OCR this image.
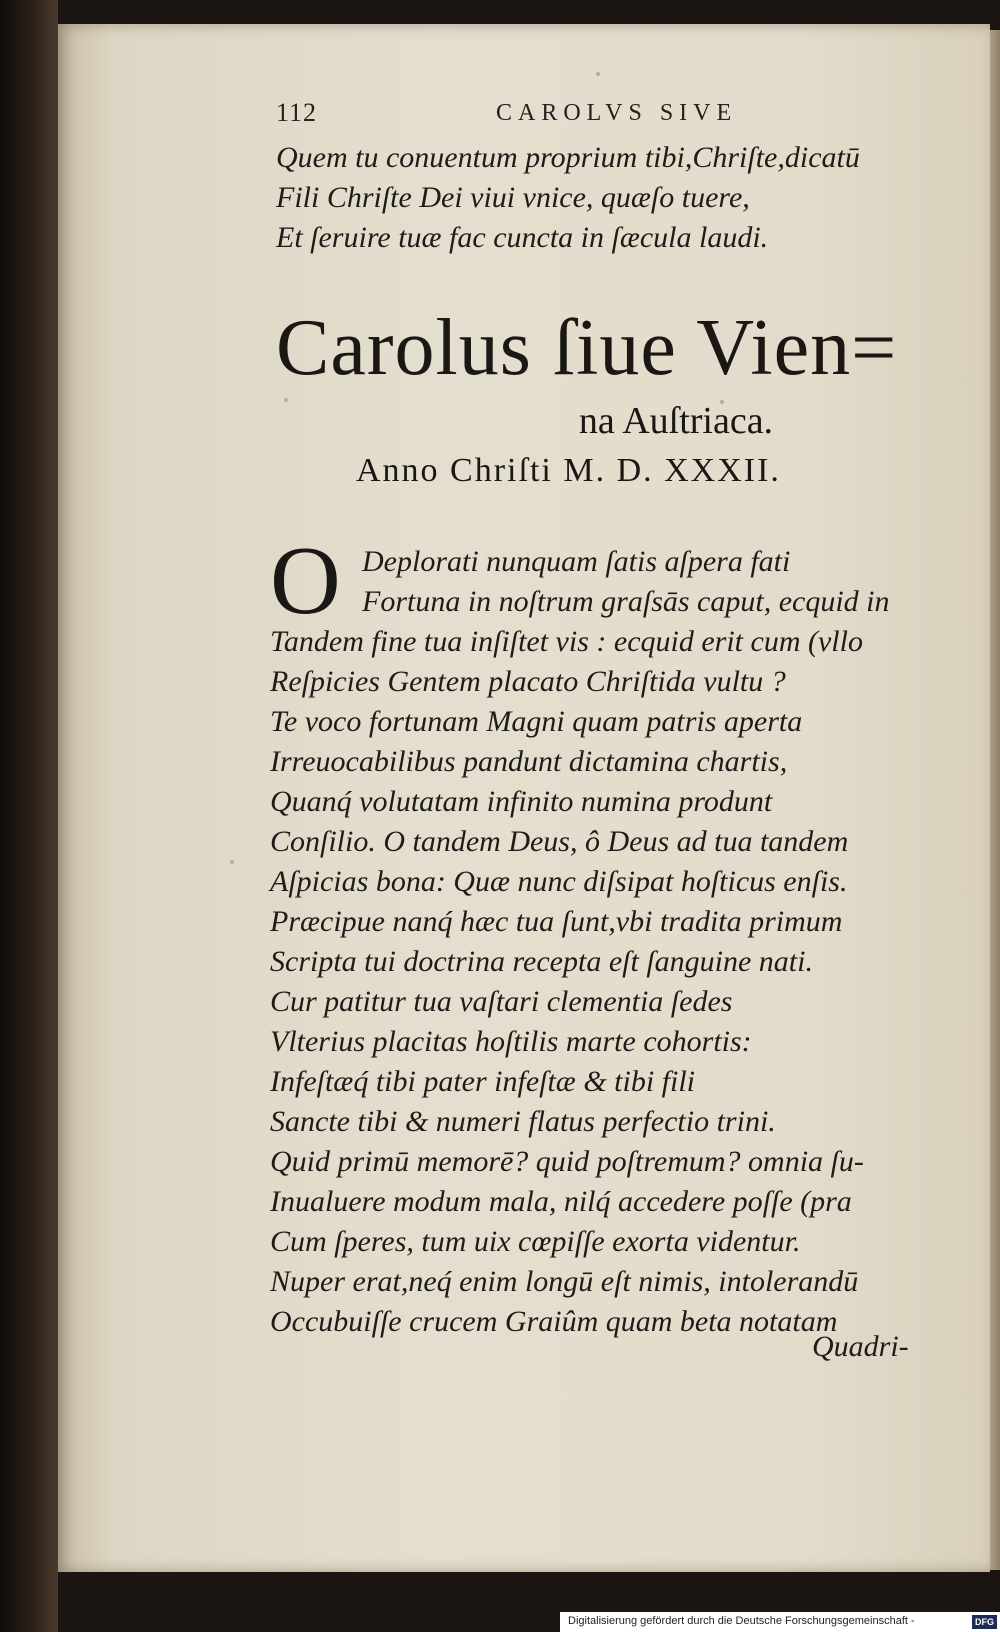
112	CAROLVS SIVE
Quem tu conuentum proprium tibi,Chriſte,dicatū
Fili Chriſte Dei viui vnice, quæſo tuere,
Et ſeruire tuæ fac cuncta in ſæcula laudi.
Carolus ſiue Vien=
na Auſtriaca.
Anno Chriſti M. D. XXXII.
O Deplorati nunquam ſatis aſpera fati
Fortuna in noſtrum graſsās caput, ecquid in
Tandem fine tua inſiſtet vis : ecquid erit cum (vllo
Reſpicies Gentem placato Chriſtida vultu ?
Te voco fortunam Magni quam patris aperta
Irreuocabilibus pandunt dictamina chartis,
Quanq́ volutatam infinito numina produnt
Conſilio. O tandem Deus, ô Deus ad tua tandem
Aſpicias bona: Quæ nunc diſsipat hoſticus enſis.
Præcipue nanq́ hæc tua ſunt,vbi tradita primum
Scripta tui doctrina recepta eſt ſanguine nati.
Cur patitur tua vaſtari clementia ſedes
Vlterius placitas hoſtilis marte cohortis:
Infeſtæq́ tibi pater infeſtæ & tibi fili
Sancte tibi & numeri flatus perfectio trini.
Quid primū memorē? quid poſtremum? omnia ſu-
Inualuere modum mala, nilq́ accedere poſſe (pra
Cum ſperes, tum uix cœpiſſe exorta videntur.
Nuper erat,neq́ enim longū eſt nimis, intolerandū
Occubuiſſe crucem Graiûm quam beta notatam
Quadri-
Digitalisierung gefördert durch die Deutsche Forschungsgemeinschaft -	DFG
